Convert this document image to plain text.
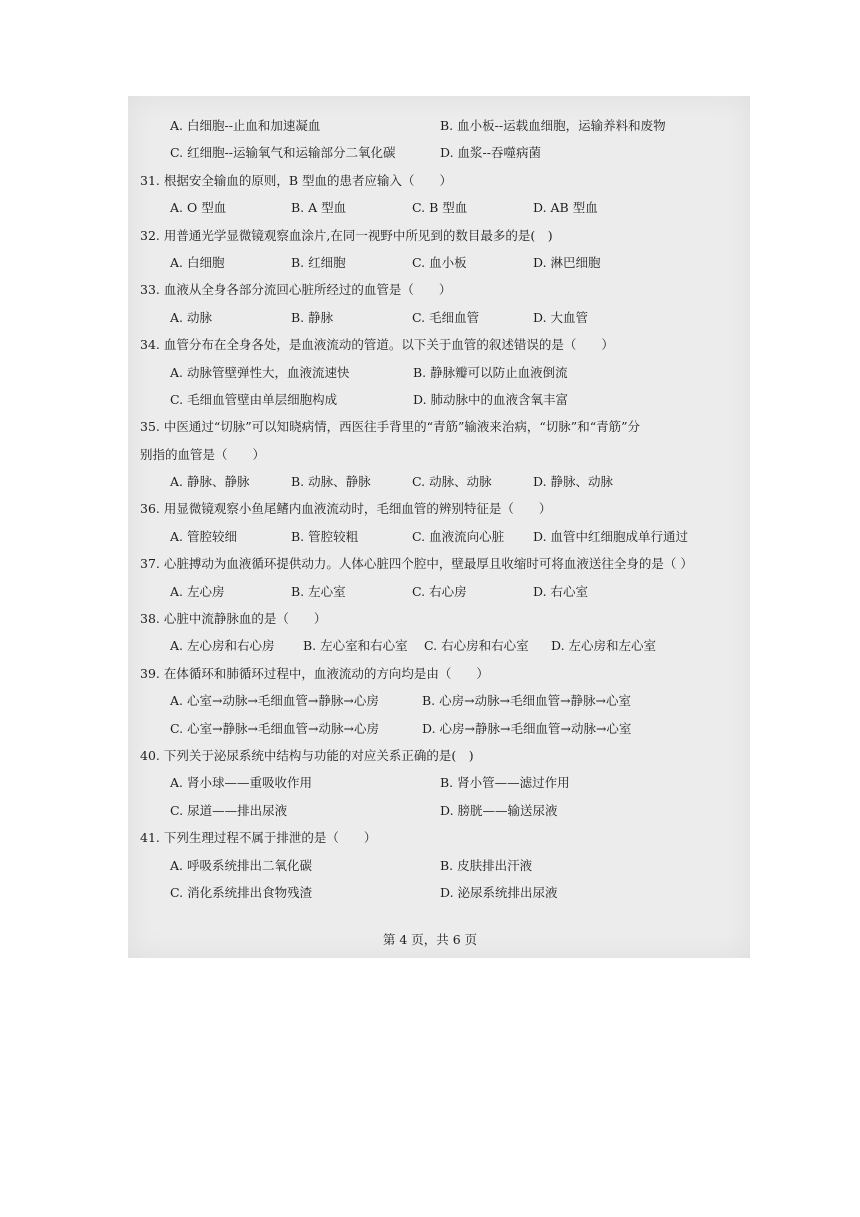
A. 白细胞--止血和加速凝血	B. 血小板--运载血细胞，运输养料和废物
C. 红细胞--运输氧气和运输部分二氧化碳	D. 血浆--吞噬病菌
31. 根据安全输血的原则，B 型血的患者应输入（　　）
A. O 型血	B. A 型血	C. B 型血	D. AB 型血
32. 用普通光学显微镜观察血涂片,在同一视野中所见到的数目最多的是(　)
A. 白细胞	B. 红细胞	C. 血小板	D. 淋巴细胞
33. 血液从全身各部分流回心脏所经过的血管是（　　）
A. 动脉	B. 静脉	C. 毛细血管	D. 大血管
34. 血管分布在全身各处，是血液流动的管道。以下关于血管的叙述错误的是（　　）
A. 动脉管壁弹性大，血液流速快	B. 静脉瓣可以防止血液倒流
C. 毛细血管壁由单层细胞构成	D. 肺动脉中的血液含氧丰富
35. 中医通过“切脉”可以知晓病情，西医往手背里的“青筋”输液来治病，“切脉”和“青筋”分
别指的血管是（　　）
A. 静脉、静脉	B. 动脉、静脉	C. 动脉、动脉	D. 静脉、动脉
36. 用显微镜观察小鱼尾鳍内血液流动时，毛细血管的辨别特征是（　　）
A. 管腔较细	B. 管腔较粗	C. 血液流向心脏	D. 血管中红细胞成单行通过
37. 心脏搏动为血液循环提供动力。人体心脏四个腔中，壁最厚且收缩时可将血液送往全身的是（ ）
A. 左心房	B. 左心室	C. 右心房	D. 右心室
38. 心脏中流静脉血的是（　　）
A. 左心房和右心房	B. 左心室和右心室	C. 右心房和右心室	D. 左心房和左心室
39. 在体循环和肺循环过程中，血液流动的方向均是由（　　）
A. 心室→动脉→毛细血管→静脉→心房	B. 心房→动脉→毛细血管→静脉→心室
C. 心室→静脉→毛细血管→动脉→心房	D. 心房→静脉→毛细血管→动脉→心室
40. 下列关于泌尿系统中结构与功能的对应关系正确的是(　)
A. 肾小球——重吸收作用	B. 肾小管——滤过作用
C. 尿道——排出尿液	D. 膀胱——输送尿液
41. 下列生理过程不属于排泄的是（　　）
A. 呼吸系统排出二氧化碳	B. 皮肤排出汗液
C. 消化系统排出食物残渣	D. 泌尿系统排出尿液
第 4 页，共 6 页
